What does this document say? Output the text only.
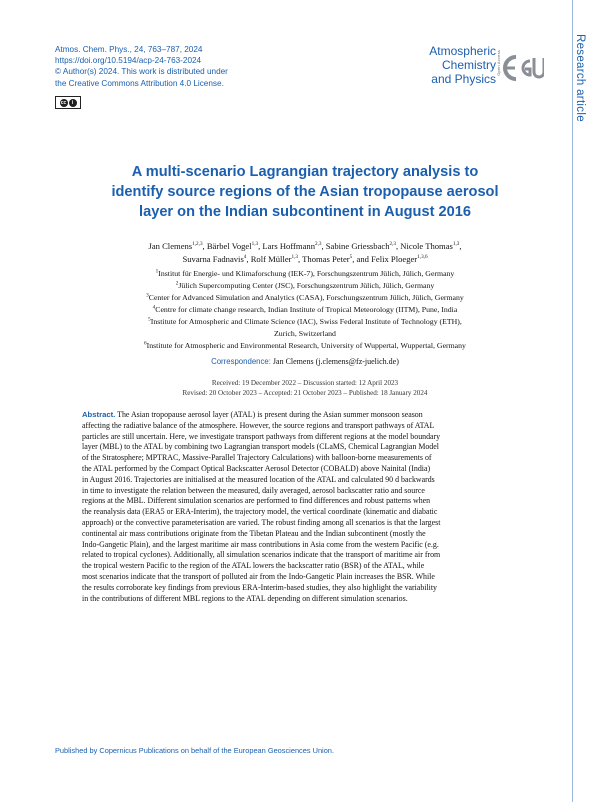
Atmos. Chem. Phys., 24, 763–787, 2024
https://doi.org/10.5194/acp-24-763-2024
© Author(s) 2024. This work is distributed under
the Creative Commons Attribution 4.0 License.
cc	i
Atmospheric
Chemistry
and Physics
Open Access	Research article
A multi-scenario Lagrangian trajectory analysis to
identify source regions of the Asian tropopause aerosol
layer on the Indian subcontinent in August 2016
Jan Clemens$^{1,2,3}$, Bärbel Vogel$^{1,3}$, Lars Hoffmann$^{2,3}$, Sabine Griessbach$^{2,3}$, Nicole Thomas$^{1,3}$,
Suvarna Fadnavis$^4$, Rolf Müller$^{1,3}$, Thomas Peter$^5$, and Felix Ploeger$^{1,3,6}$
$^1$Institut für Energie- und Klimaforschung (IEK-7), Forschungszentrum Jülich, Jülich, Germany
$^2$Jülich Supercomputing Center (JSC), Forschungszentrum Jülich, Jülich, Germany
$^3$Center for Advanced Simulation and Analytics (CASA), Forschungszentrum Jülich, Jülich, Germany
$^4$Centre for climate change research, Indian Institute of Tropical Meteorology (IITM), Pune, India
$^5$Institute for Atmospheric and Climate Science (IAC), Swiss Federal Institute of Technology (ETH),
Zurich, Switzerland
$^6$Institute for Atmospheric and Environmental Research, University of Wuppertal, Wuppertal, Germany
Correspondence: Jan Clemens (j.clemens@fz-juelich.de)
Received: 19 December 2022 – Discussion started: 12 April 2023
Revised: 20 October 2023 – Accepted: 21 October 2023 – Published: 18 January 2024
Abstract. The Asian tropopause aerosol layer (ATAL) is present during the Asian summer monsoon season
affecting the radiative balance of the atmosphere. However, the source regions and transport pathways of ATAL
particles are still uncertain. Here, we investigate transport pathways from different regions at the model boundary
layer (MBL) to the ATAL by combining two Lagrangian transport models (CLaMS, Chemical Lagrangian Model
of the Stratosphere; MPTRAC, Massive-Parallel Trajectory Calculations) with balloon-borne measurements of
the ATAL performed by the Compact Optical Backscatter Aerosol Detector (COBALD) above Nainital (India)
in August 2016. Trajectories are initialised at the measured location of the ATAL and calculated 90 d backwards
in time to investigate the relation between the measured, daily averaged, aerosol backscatter ratio and source
regions at the MBL. Different simulation scenarios are performed to find differences and robust patterns when
the reanalysis data (ERA5 or ERA-Interim), the trajectory model, the vertical coordinate (kinematic and diabatic
approach) or the convective parameterisation are varied. The robust finding among all scenarios is that the largest
continental air mass contributions originate from the Tibetan Plateau and the Indian subcontinent (mostly the
Indo-Gangetic Plain), and the largest maritime air mass contributions in Asia come from the western Pacific (e.g.
related to tropical cyclones). Additionally, all simulation scenarios indicate that the transport of maritime air from
the tropical western Pacific to the region of the ATAL lowers the backscatter ratio (BSR) of the ATAL, while
most scenarios indicate that the transport of polluted air from the Indo-Gangetic Plain increases the BSR. While
the results corroborate key findings from previous ERA-Interim-based studies, they also highlight the variability
in the contributions of different MBL regions to the ATAL depending on different simulation scenarios.
Published by Copernicus Publications on behalf of the European Geosciences Union.
